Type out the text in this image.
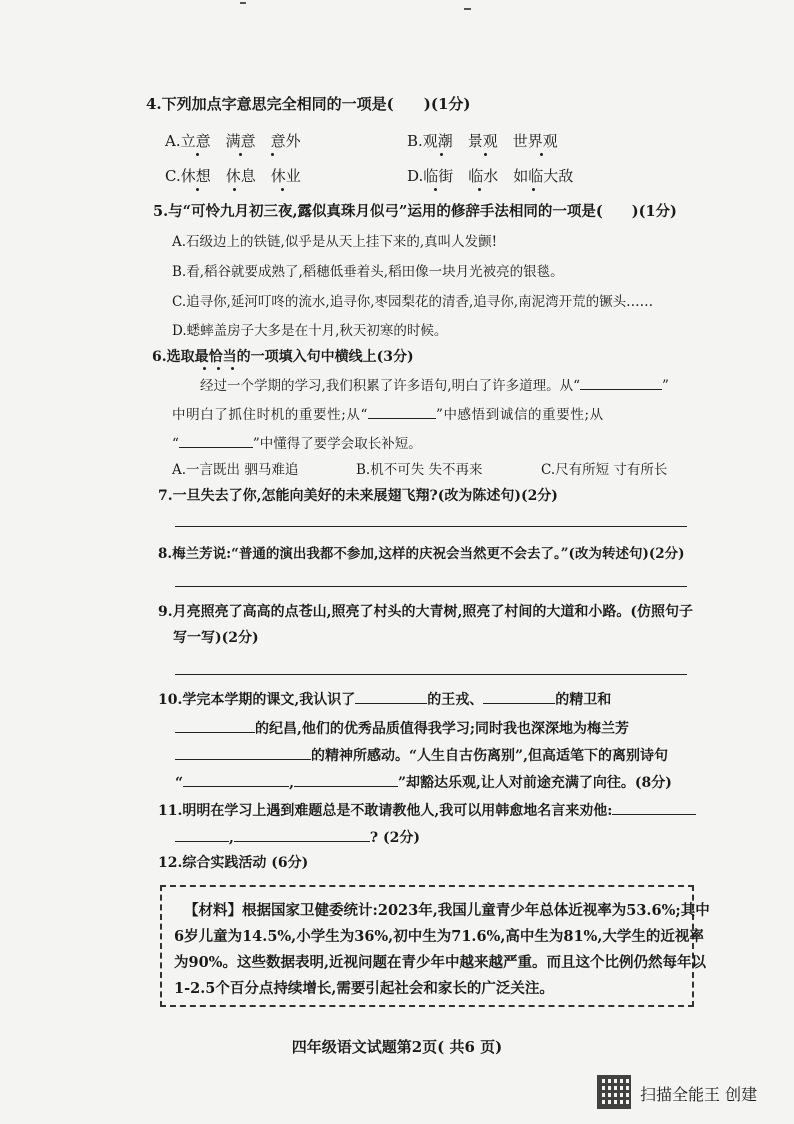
4.下列加点字意思完全相同的一项是(　　)(1分)
A.立意　满意　意外	B.观潮　景观　世界观
C.休想　休息　休业	D.临街　临水　如临大敌
5.与“可怜九月初三夜,露似真珠月似弓”运用的修辞手法相同的一项是(　　)(1分)
A.石级边上的铁链,似乎是从天上挂下来的,真叫人发颤!
B.看,稻谷就要成熟了,稻穗低垂着头,稻田像一块月光被亮的银毯。
C.追寻你,延河叮咚的流水,追寻你,枣园梨花的清香,追寻你,南泥湾开荒的镢头……
D.蟋蟀盖房子大多是在十月,秋天初寒的时候。
6.选取最恰当的一项填入句中横线上(3分)
经过一个学期的学习,我们积累了许多语句,明白了许多道理。从“	”
中明白了抓住时机的重要性;从“	”中感悟到诚信的重要性;从
“	”中懂得了要学会取长补短。
A.一言既出 驷马难追	B.机不可失 失不再来	C.尺有所短 寸有所长
7.一旦失去了你,怎能向美好的未来展翅飞翔?(改为陈述句)(2分)
8.梅兰芳说:“普通的演出我都不参加,这样的庆祝会当然更不会去了。”(改为转述句)(2分)
9.月亮照亮了高高的点苍山,照亮了村头的大青树,照亮了村间的大道和小路。(仿照句子
写一写)(2分)
10.学完本学期的课文,我认识了	的王戎、	的精卫和
的纪昌,他们的优秀品质值得我学习;同时我也深深地为梅兰芳
的精神所感动。“人生自古伤离别”,但高适笔下的离别诗句
“	,	”却豁达乐观,让人对前途充满了向往。(8分)
11.明明在学习上遇到难题总是不敢请教他人,我可以用韩愈地名言来劝他:
,	? (2分)
12.综合实践活动 (6分)
【材料】根据国家卫健委统计:2023年,我国儿童青少年总体近视率为53.6%;其中
6岁儿童为14.5%,小学生为36%,初中生为71.6%,高中生为81%,大学生的近视率
为90%。这些数据表明,近视问题在青少年中越来越严重。而且这个比例仍然每年以
1-2.5个百分点持续增长,需要引起社会和家长的广泛关注。
四年级语文试题第2页( 共6 页)
扫描全能王 创建
